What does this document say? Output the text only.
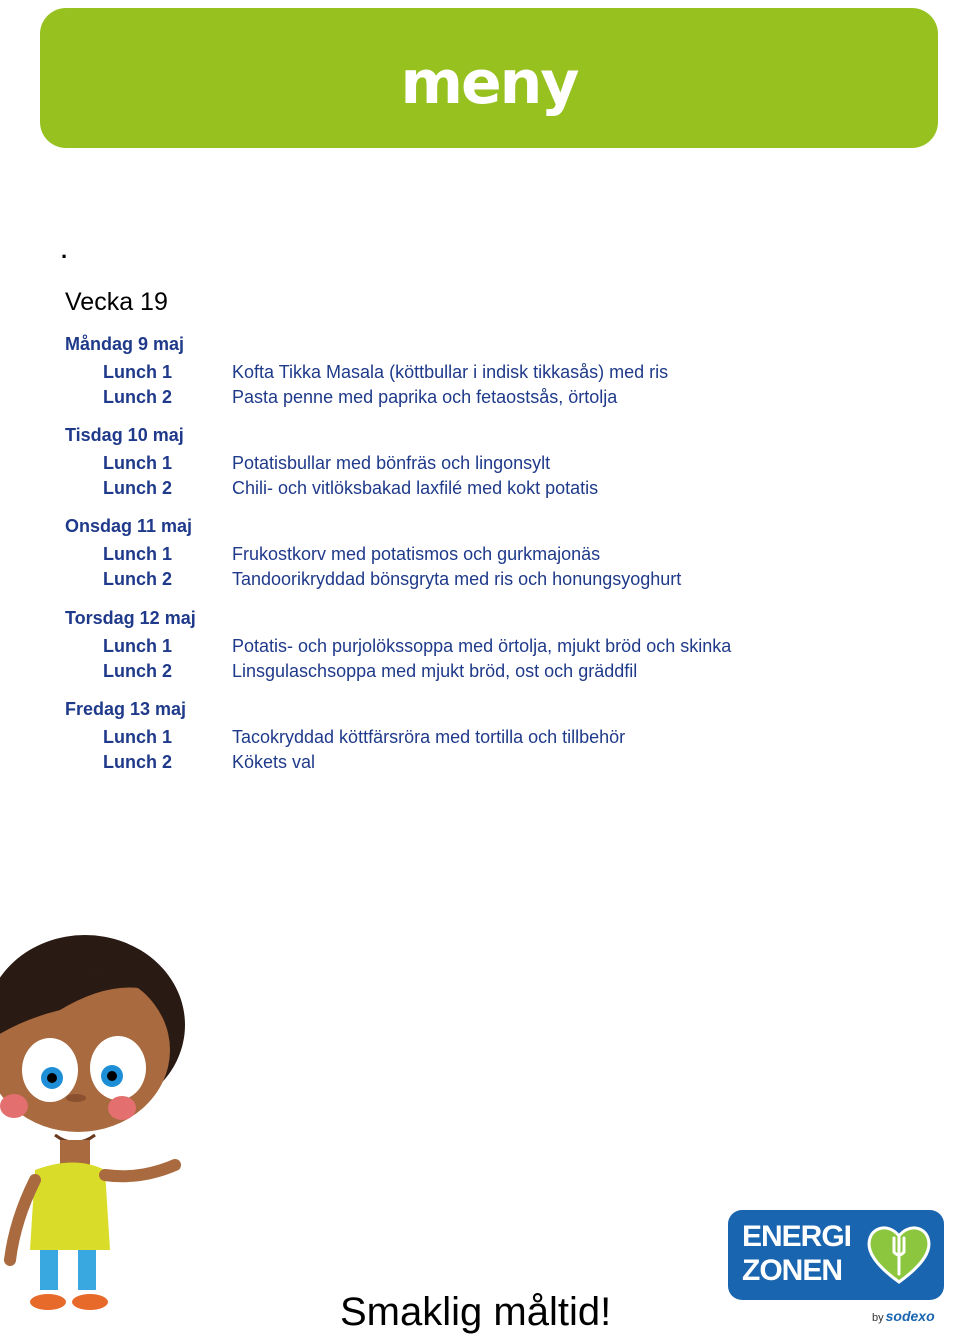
meny
.
Vecka 19
Måndag 9 maj
Lunch 1	Kofta Tikka Masala (köttbullar i indisk tikkasås) med ris
Lunch 2	Pasta penne med paprika och fetaostsås, örtolja
Tisdag 10 maj
Lunch 1	Potatisbullar med bönfräs och lingonsylt
Lunch 2	Chili- och vitlöksbakad laxfilé med kokt potatis
Onsdag 11 maj
Lunch 1	Frukostkorv med potatismos och gurkmajonäs
Lunch 2	Tandoorikryddad bönsgryta med ris och honungsyoghurt
Torsdag 12 maj
Lunch 1	Potatis- och purjolökssoppa med örtolja, mjukt bröd och skinka
Lunch 2	Linsgulaschsoppa med mjukt bröd, ost och gräddfil
Fredag 13 maj
Lunch 1	Tacokryddad köttfärsröra med tortilla och tillbehör
Lunch 2	Kökets val
Smaklig måltid!
ENERGI
ZONEN
by sodexo
